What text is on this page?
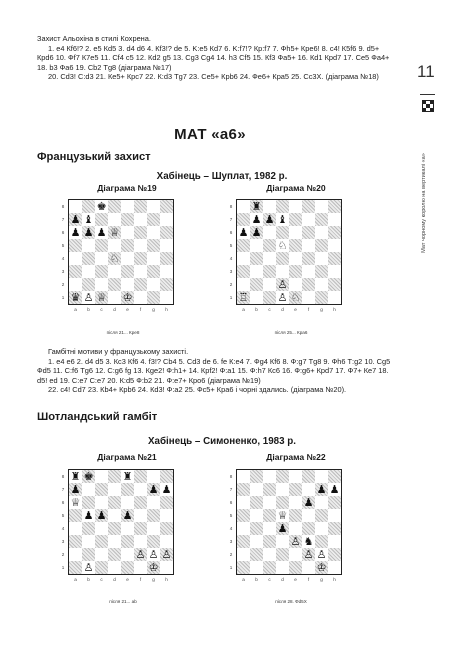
Захист Альохіна в стилі Кохрена.
1. e4 Кf6!? 2. e5 Кd5 3. d4 d6 4. Кf3!? de 5. K:e5 Кd7 6. K:f7!? Кр:f7 7. Фh5+ Кре6! 8. c4! К5f6 9. d5+ Крd6 10. Фf7 К7е5 11. Сf4 c5 12. Кd2 g5 13. Сg3 Сg4 14. h3 Сf5 15. Кf3 Фа5+ 16. Кd1 Крd7 17. Се5 Фа4+ 18. b3 Фа6 19. Сb2 Тg8 (діаграма №17)
20. Сd3! С:d3 21. Ке5+ Крс7 22. К:d3 Тg7 23. Се5+ Крb6 24. Фе6+ Кра5 25. Сс3Х. (діаграма №18)
МАТ «а6»
Французький захист
Хабінець – Шуплат, 1982 р.
Діаграма №19	Діаграма №20
8
7
6
5
4
3
2
1
♚
♟ ♝
♟ ♟ ♟ ♕
♘
♛ ♙ ♕ ♔
a	b	c	d	e	f	g	h
8
7
6
5
4
3
2
1
♜
♟ ♟ ♝
♟ ♟
♘
♙
♖	♙ ♘
a	b	c	d	e	f	g	h
після 21... Кре8	після 25... Кра6
Гамбітні мотиви у французькому захисті.
1. e4 e6 2. d4 d5 3. Кс3 Кf6 4. f3!? Сb4 5. Сd3 de 6. fe К:e4 7. Фg4 Кf6 8. Ф:g7 Тg8 9. Фh6 Т:g2 10. Сg5 Фd5 11. С:f6 Тg6 12. С:g6 fg 13. Кge2! Ф:h1+ 14. Кpf2! Ф:a1 15. Ф:h7 Кс6 16. Ф:g6+ Крd7 17. Ф7+ Ке7 18. d5! ed 19. С:e7 С:e7 20. К:d5 Ф:b2 21. Ф:e7+ Кро6 (діаграма №19)
22. c4! Сd7 23. Кb4+ Крb6 24. Кd3! Ф:a2 25. Фс5+ Кра6 і чорні здались. (діаграма №20).
Шотландський гамбіт
Хабінець – Симоненко, 1983 р.
Діаграма №21	Діаграма №22
8
7
6
5
4
3
2
1
♜ ♚	♜
♟	♟ ♟
♕
♟ ♟ ♟
♙ ♙ ♙
♙	♔
a	b	c	d	e	f	g	h
8
7
6
5
4
3
2
1
♟ ♟
♟
♕
♟
♙ ♞
♙ ♙
♔
a	b	c	d	e	f	g	h
після 21... ab	після 28. Фd5Х
11
Мат чорному королю на вертикалі «а»
